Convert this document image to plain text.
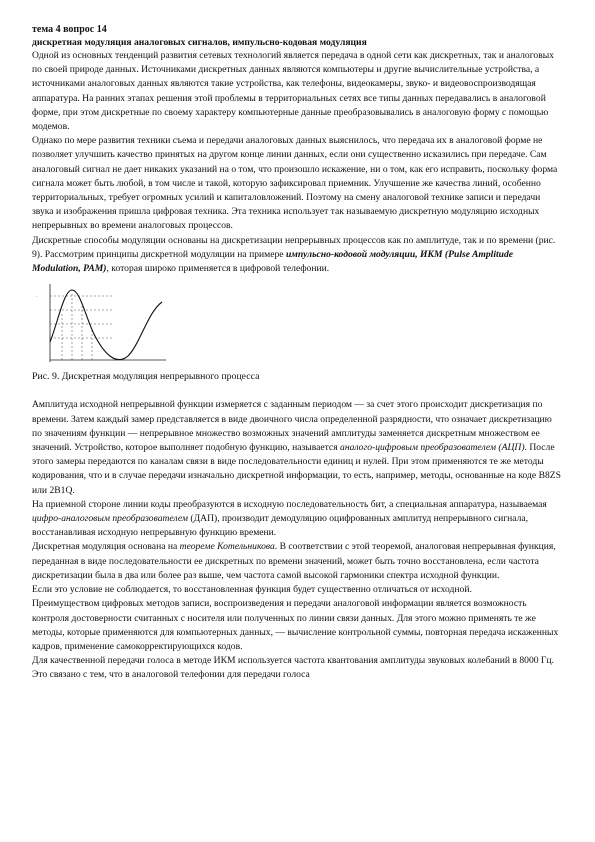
тема 4 вопрос 14
дискретная модуляция аналоговых сигналов, импульсно-кодовая модуляция

Одной из основных тенденций развития сетевых технологий является передача в одной сети как дискретных, так и аналоговых по своей природе данных. Источниками дискретных данных являются компьютеры и другие вычислительные устройства, а источниками аналоговых данных являются такие устройства, как телефоны, видеокамеры, звуко- и видеовоспроизводящая аппаратура. На ранних этапах решения этой проблемы в территориальных сетях все типы данных передавались в аналоговой форме, при этом дискретные по своему характеру компьютерные данные преобразовывались в аналоговую форму с помощью модемов.

Однако по мере развития техники съема и передачи аналоговых данных выяснилось, что передача их в аналоговой форме не позволяет улучшить качество принятых на другом конце линии данных, если они существенно исказились при передаче. Сам аналоговый сигнал не дает никаких указаний на о том, что произошло искажение, ни о том, как его исправить, поскольку форма сигнала может быть любой, в том числе и такой, которую зафиксировал приемник. Улучшение же качества линий, особенно территориальных, требует огромных усилий и капиталовложений. Поэтому на смену аналоговой технике записи и передачи звука и изображения пришла цифровая техника. Эта техника использует так называемую дискретную модуляцию исходных непрерывных во времени аналоговых процессов.

Дискретные способы модуляции основаны на дискретизации непрерывных процессов как по амплитуде, так и по времени (рис. 9). Рассмотрим принципы дискретной модуляции на примере импульсно-кодовой модуляции, ИКМ (Pulse Amplitude Modulation, PAM), которая широко применяется в цифровой телефонии.

·
Рис. 9. Дискретная модуляция непрерывного процесса

Амплитуда исходной непрерывной функции измеряется с заданным периодом — за счет этого происходит дискретизация по времени. Затем каждый замер представляется в виде двоичного числа определенной разрядности, что означает дискретизацию по значениям функции — непрерывное множество возможных значений амплитуды заменяется дискретным множеством ее значений. Устройство, которое выполняет подобную функцию, называется аналого-цифровым преобразователем (АЦП). После этого замеры передаются по каналам связи в виде последовательности единиц и нулей. При этом применяются те же методы кодирования, что и в случае передачи изначально дискретной информации, то есть, например, методы, основанные на коде B8ZS или 2B1Q.

На приемной стороне линии коды преобразуются в исходную последовательность бит, а специальная аппаратура, называемая цифро-аналоговым преобразователем (ДАП), производит демодуляцию оцифрованных амплитуд непрерывного сигнала, восстанавливая исходную непрерывную функцию времени.

Дискретная модуляция основана на теореме Котельникова. В соответствии с этой теоремой, аналоговая непрерывная функция, переданная в виде последовательности ее дискретных по времени значений, может быть точно восстановлена, если частота дискретизации была в два или более раз выше, чем частота самой высокой гармоники спектра исходной функции.

Если это условие не соблюдается, то восстановленная функция будет существенно отличаться от исходной.

Преимуществом цифровых методов записи, воспроизведения и передачи аналоговой информации является возможность контроля достоверности считанных с носителя или полученных по линии связи данных. Для этого можно применять те же методы, которые применяются для компьютерных данных, — вычисление контрольной суммы, повторная передача искаженных кадров, применение самокорректирующихся кодов.

Для качественной передачи голоса в методе ИКМ используется частота квантования амплитуды звуковых колебаний в 8000 Гц. Это связано с тем, что в аналоговой телефонии для передачи голоса
